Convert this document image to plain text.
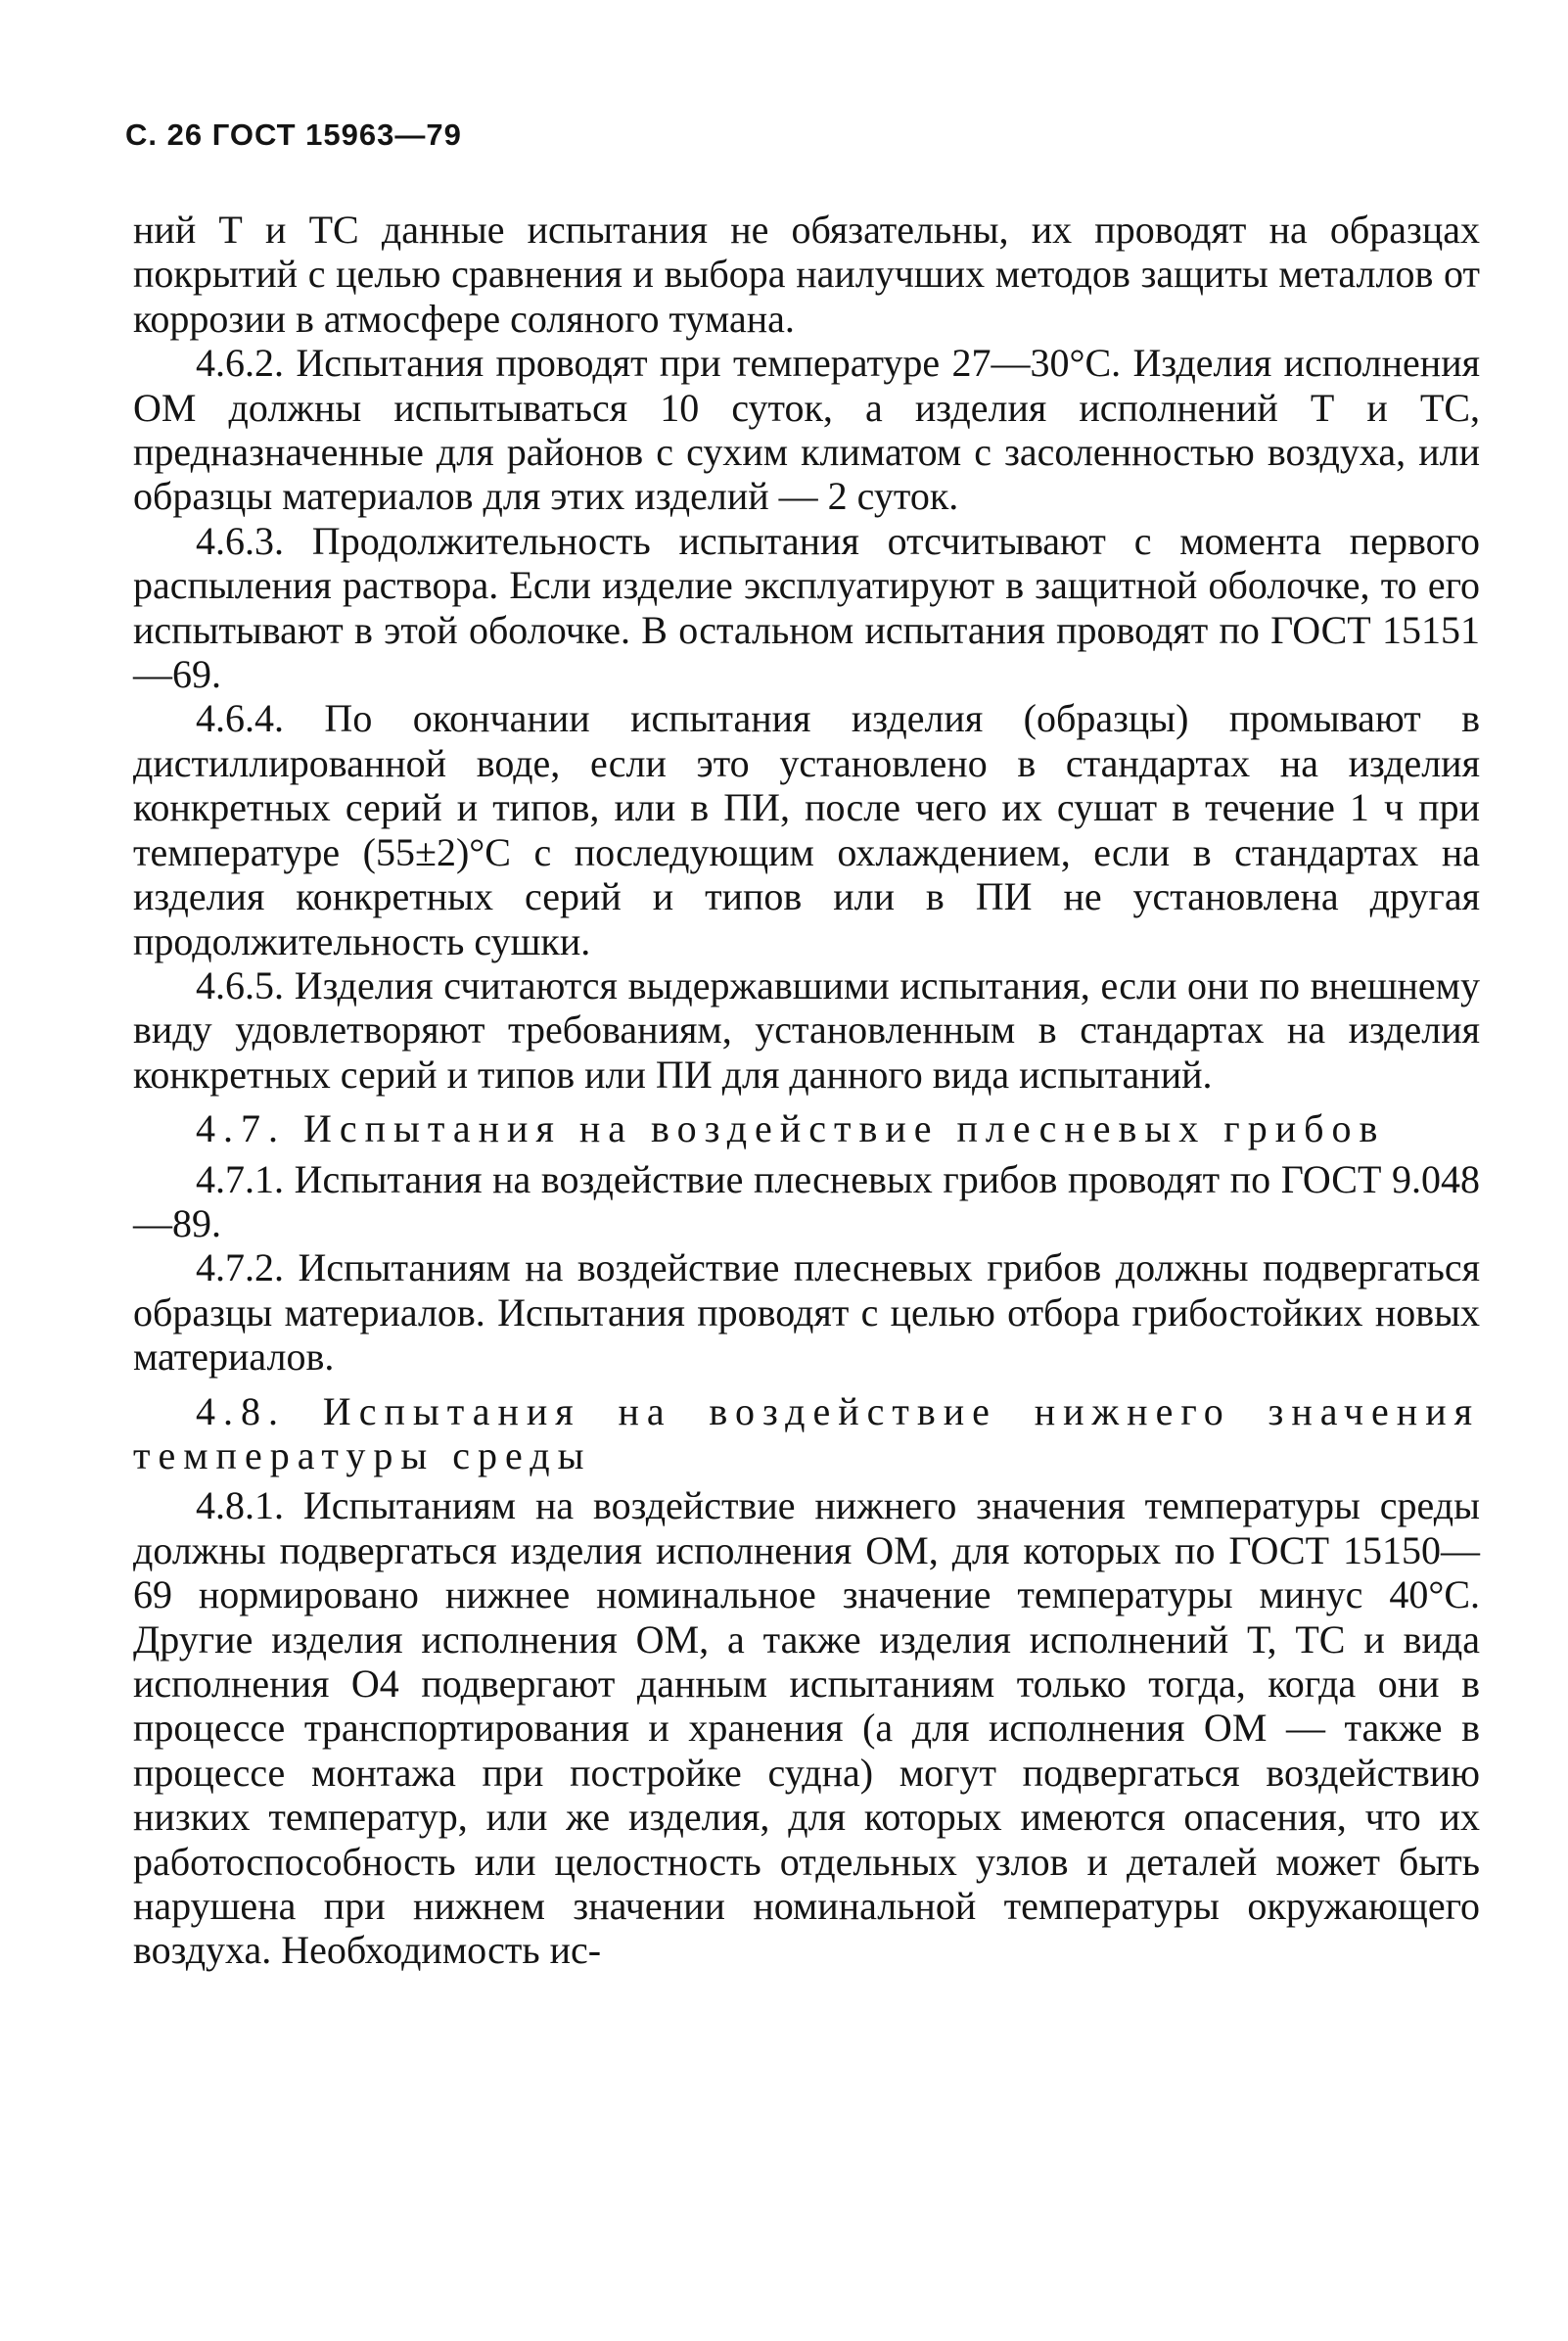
С. 26 ГОСТ 15963—79

ний Т и ТС данные испытания не обязательны, их проводят на образцах покрытий с целью сравнения и выбора наилучших методов защиты металлов от коррозии в атмосфере соляного тумана.

4.6.2. Испытания проводят при температуре 27—30°С. Изделия исполнения ОМ должны испытываться 10 суток, а изделия исполнений Т и ТС, предназначенные для районов с сухим климатом с засоленностью воздуха, или образцы материалов для этих изделий — 2 суток.

4.6.3. Продолжительность испытания отсчитывают с момента первого распыления раствора. Если изделие эксплуатируют в защитной оболочке, то его испытывают в этой оболочке. В остальном испытания проводят по ГОСТ 15151—69.

4.6.4. По окончании испытания изделия (образцы) промывают в дистиллированной воде, если это установлено в стандартах на изделия конкретных серий и типов, или в ПИ, после чего их сушат в течение 1 ч при температуре (55±2)°С с последующим охлаждением, если в стандартах на изделия конкретных серий и типов или в ПИ не установлена другая продолжительность сушки.

4.6.5. Изделия считаются выдержавшими испытания, если они по внешнему виду удовлетворяют требованиям, установленным в стандартах на изделия конкретных серий и типов или ПИ для данного вида испытаний.

4.7. Испытания на воздействие плесневых грибов

4.7.1. Испытания на воздействие плесневых грибов проводят по ГОСТ 9.048—89.

4.7.2. Испытаниям на воздействие плесневых грибов должны подвергаться образцы материалов. Испытания проводят с целью отбора грибостойких новых материалов.

4.8. Испытания на воздействие нижнего значения температуры среды

4.8.1. Испытаниям на воздействие нижнего значения температуры среды должны подвергаться изделия исполнения ОМ, для которых по ГОСТ 15150—69 нормировано нижнее номинальное значение температуры минус 40°С. Другие изделия исполнения ОМ, а также изделия исполнений Т, ТС и вида исполнения О4 подвергают данным испытаниям только тогда, когда они в процессе транспортирования и хранения (а для исполнения ОМ — также в процессе монтажа при постройке судна) могут подвергаться воздействию низких температур, или же изделия, для которых имеются опасения, что их работоспособность или целостность отдельных узлов и деталей может быть нарушена при нижнем значении номинальной температуры окружающего воздуха. Необходимость ис-
